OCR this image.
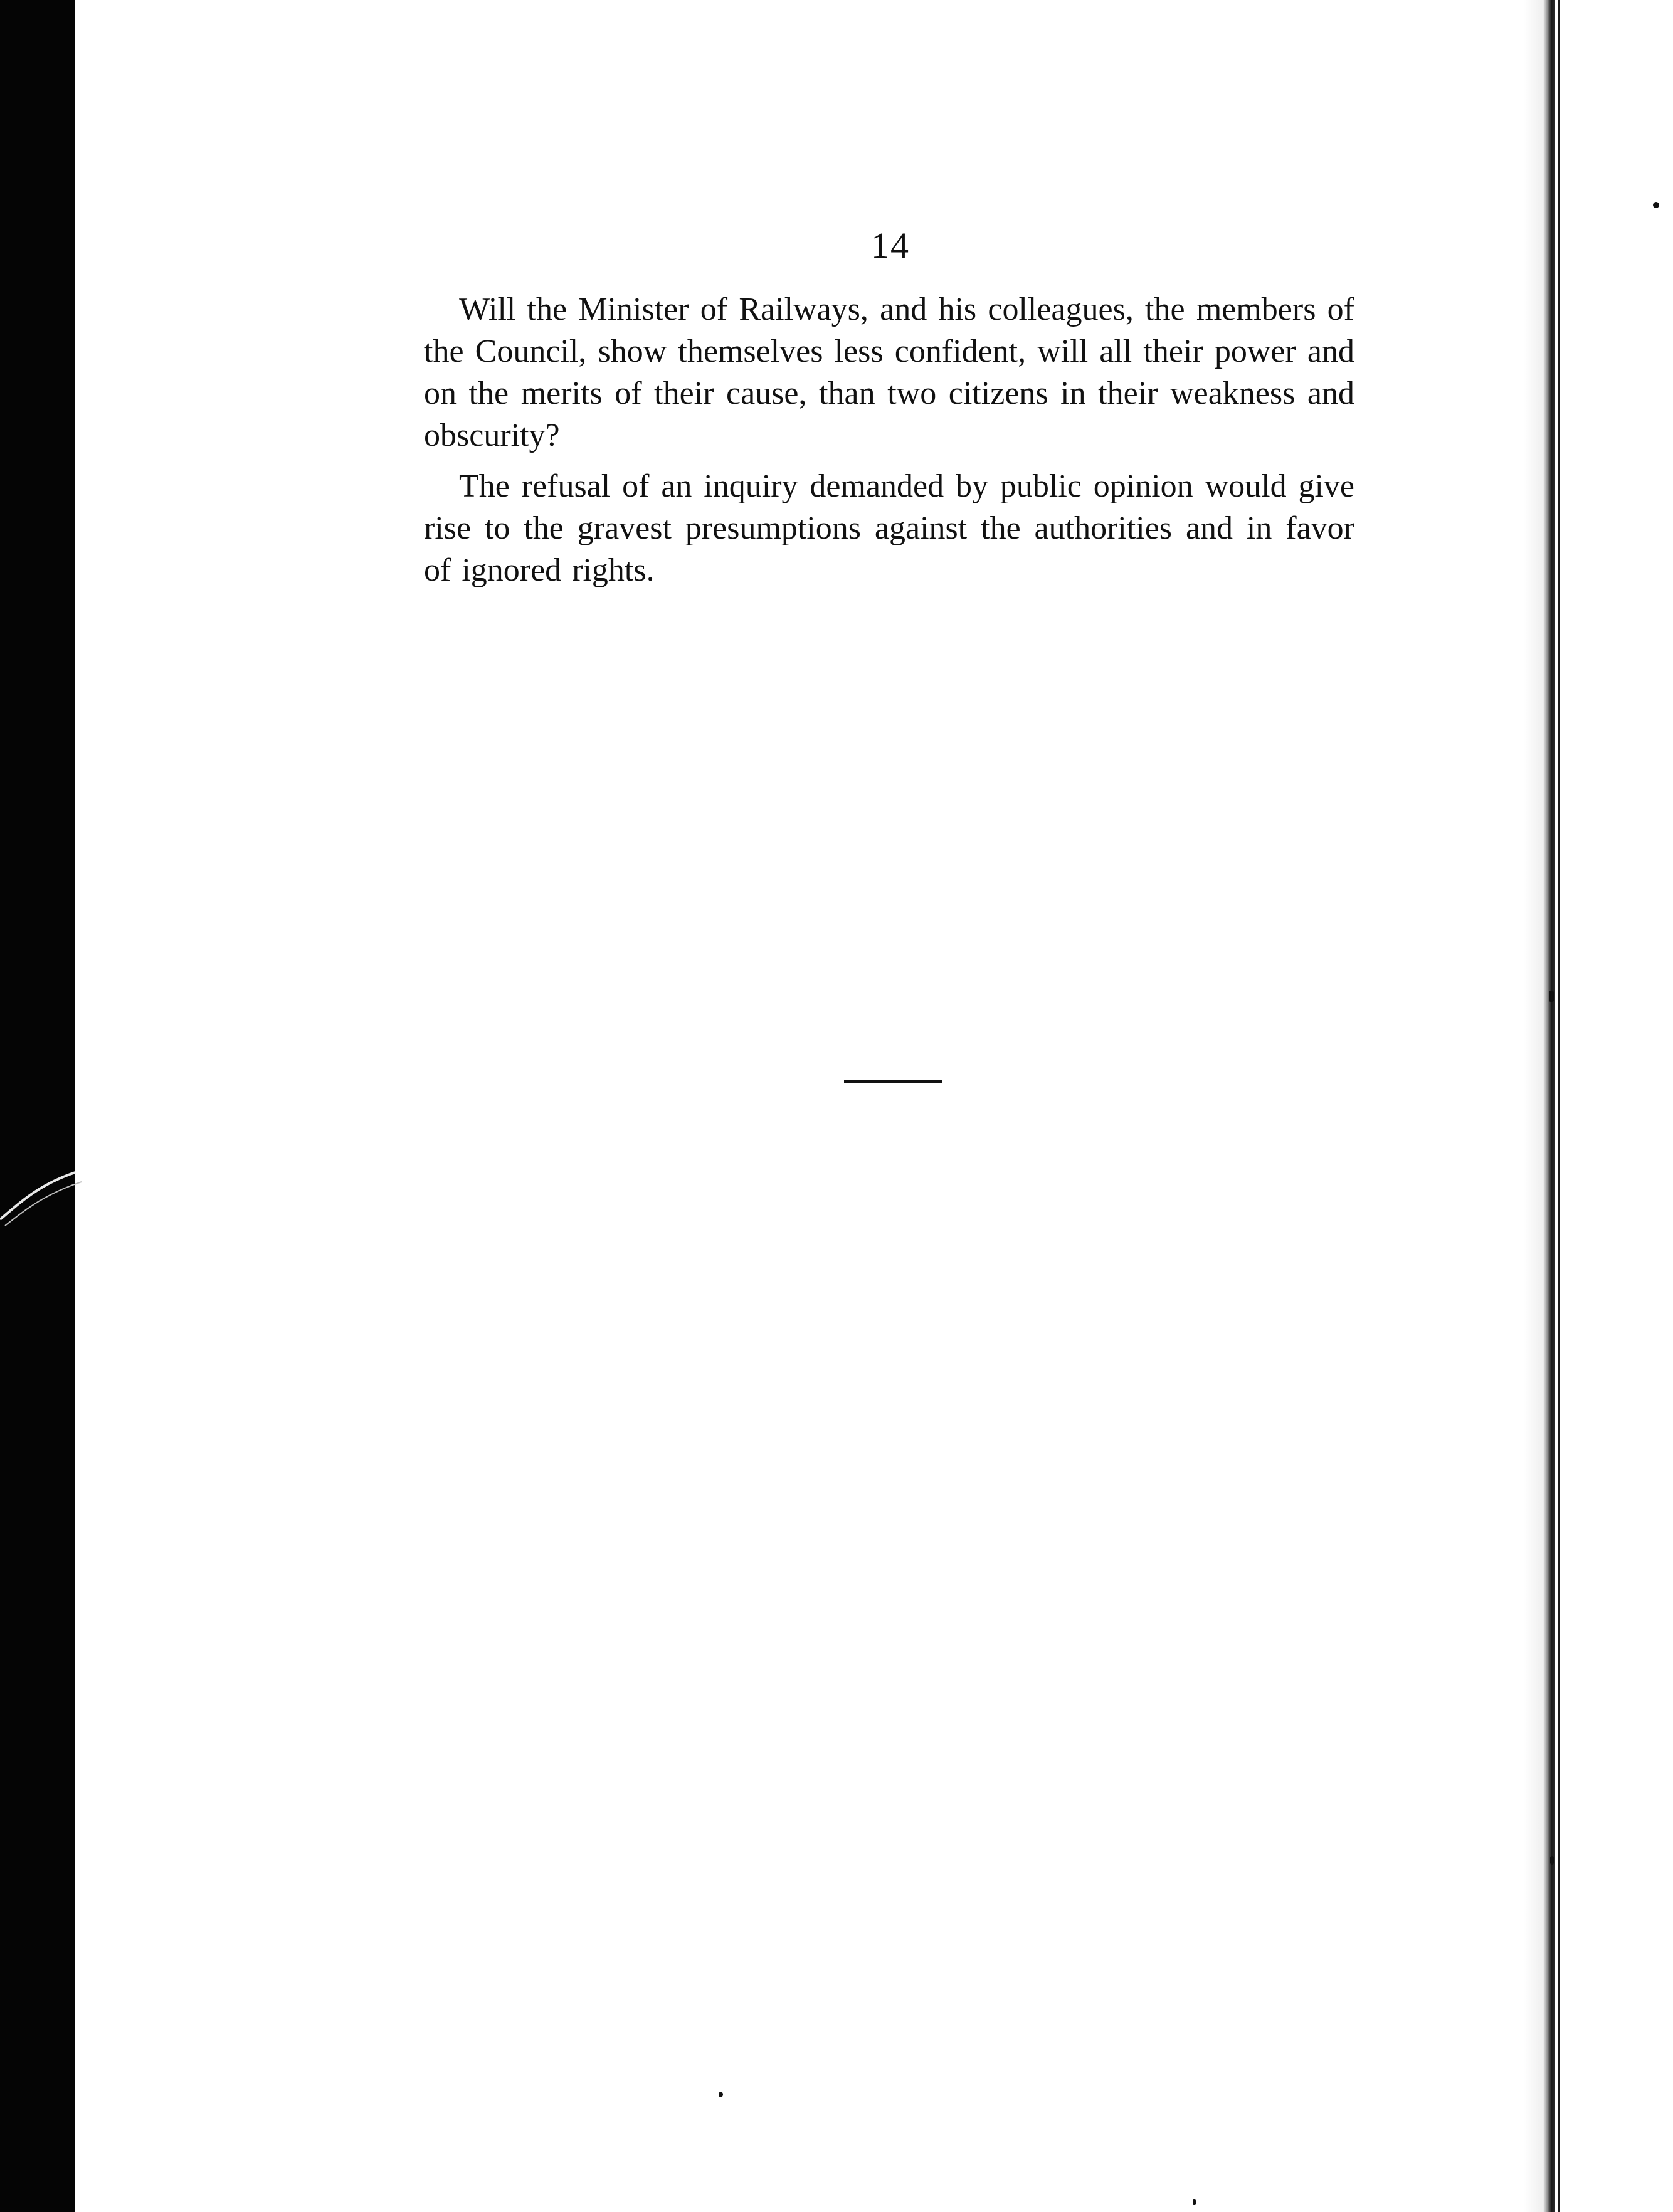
14

Will the Minister of Railways, and his colleagues, the members of the Council, show themselves less confident, will all their power and on the merits of their cause, than two citizens in their weakness and obscurity?

The refusal of an inquiry demanded by public opinion would give rise to the gravest presumptions against the authorities and in favor of ignored rights.
